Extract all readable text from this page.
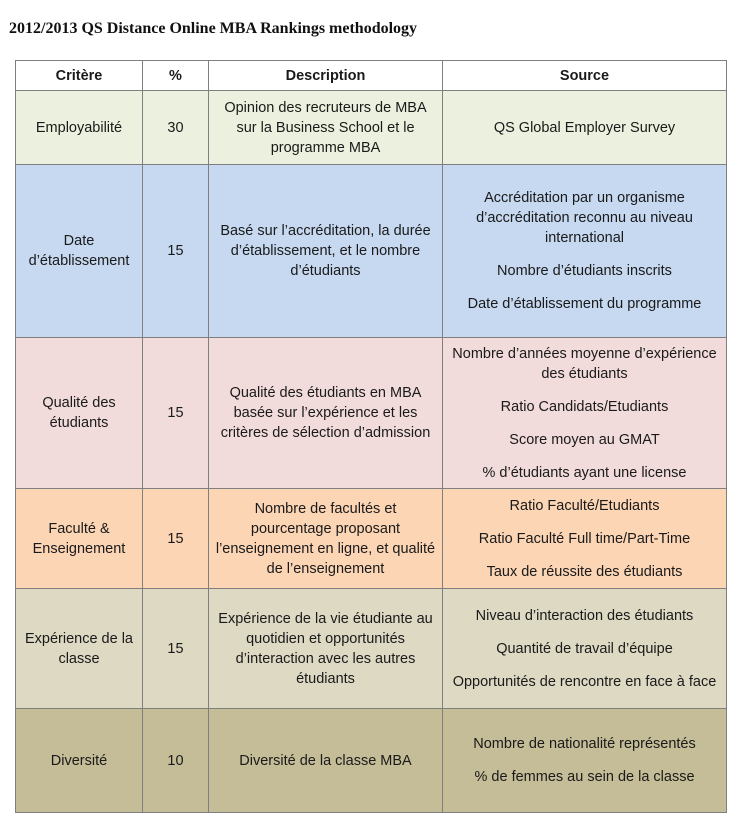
2012/2013 QS Distance Online MBA Rankings methodology
Critère	%	Description	Source
Employabilité	30	Opinion des recruteurs de MBA sur la Business School et le programme MBA	QS Global Employer Survey

Date d’établissement	15	Basé sur l’accréditation, la durée d’établissement, et le nombre d’étudiants	Accréditation par un organisme d’accréditation reconnu au niveau international

Nombre d’étudiants inscrits

Date d’établissement du programme

Qualité des étudiants	15	Qualité des étudiants en MBA basée sur l’expérience et les critères de sélection d’admission	Nombre d’années moyenne d’expérience des étudiants

Ratio Candidats/Etudiants

Score moyen au GMAT

% d’étudiants ayant une license

Faculté & Enseignement	15	Nombre de facultés et pourcentage proposant l’enseignement en ligne, et qualité de l’enseignement	Ratio Faculté/Etudiants

Ratio Faculté Full time/Part-Time

Taux de réussite des étudiants

Expérience de la classe	15	Expérience de la vie étudiante au quotidien et opportunités d’interaction avec les autres étudiants	Niveau d’interaction des étudiants

Quantité de travail d’équipe

Opportunités de rencontre en face à face

Diversité	10	Diversité de la classe MBA	Nombre de nationalité représentés

% de femmes au sein de la classe
